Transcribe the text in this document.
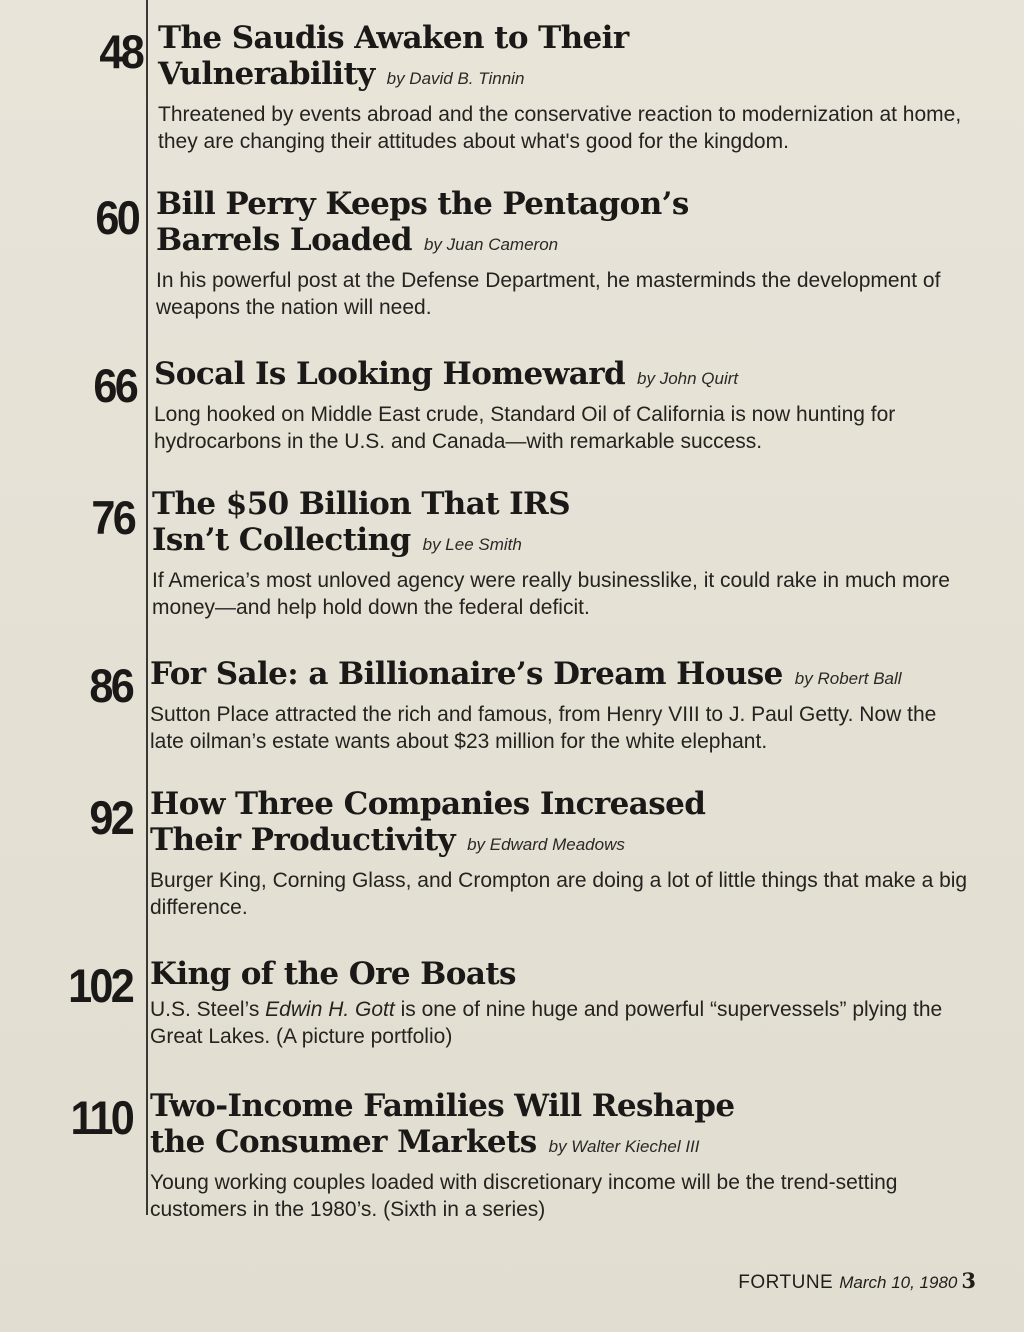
48 The Saudis Awaken to Their
Vulnerability by David B. Tinnin

Threatened by events abroad and the conservative reaction to modernization at home, they are changing their attitudes about what's good for the kingdom.

60 Bill Perry Keeps the Pentagon’s
Barrels Loaded by Juan Cameron

In his powerful post at the Defense Department, he masterminds the development of weapons the nation will need.

66 Socal Is Looking Homeward by John Quirt

Long hooked on Middle East crude, Standard Oil of California is now hunting for hydrocarbons in the U.S. and Canada—with remarkable success.

76 The $50 Billion That IRS
Isn’t Collecting by Lee Smith

If America’s most unloved agency were really businesslike, it could rake in much more money—and help hold down the federal deficit.

86 For Sale: a Billionaire’s Dream House by Robert Ball

Sutton Place attracted the rich and famous, from Henry VIII to J. Paul Getty. Now the late oilman’s estate wants about $23 million for the white elephant.

92 How Three Companies Increased
Their Productivity by Edward Meadows

Burger King, Corning Glass, and Crompton are doing a lot of little things that make a big difference.

102 King of the Ore Boats

U.S. Steel’s Edwin H. Gott is one of nine huge and powerful “supervessels” plying the Great Lakes. (A picture portfolio)

110 Two-Income Families Will Reshape
the Consumer Markets by Walter Kiechel III

Young working couples loaded with discretionary income will be the trend-setting customers in the 1980’s. (Sixth in a series)

FORTUNE March 10, 1980 3
